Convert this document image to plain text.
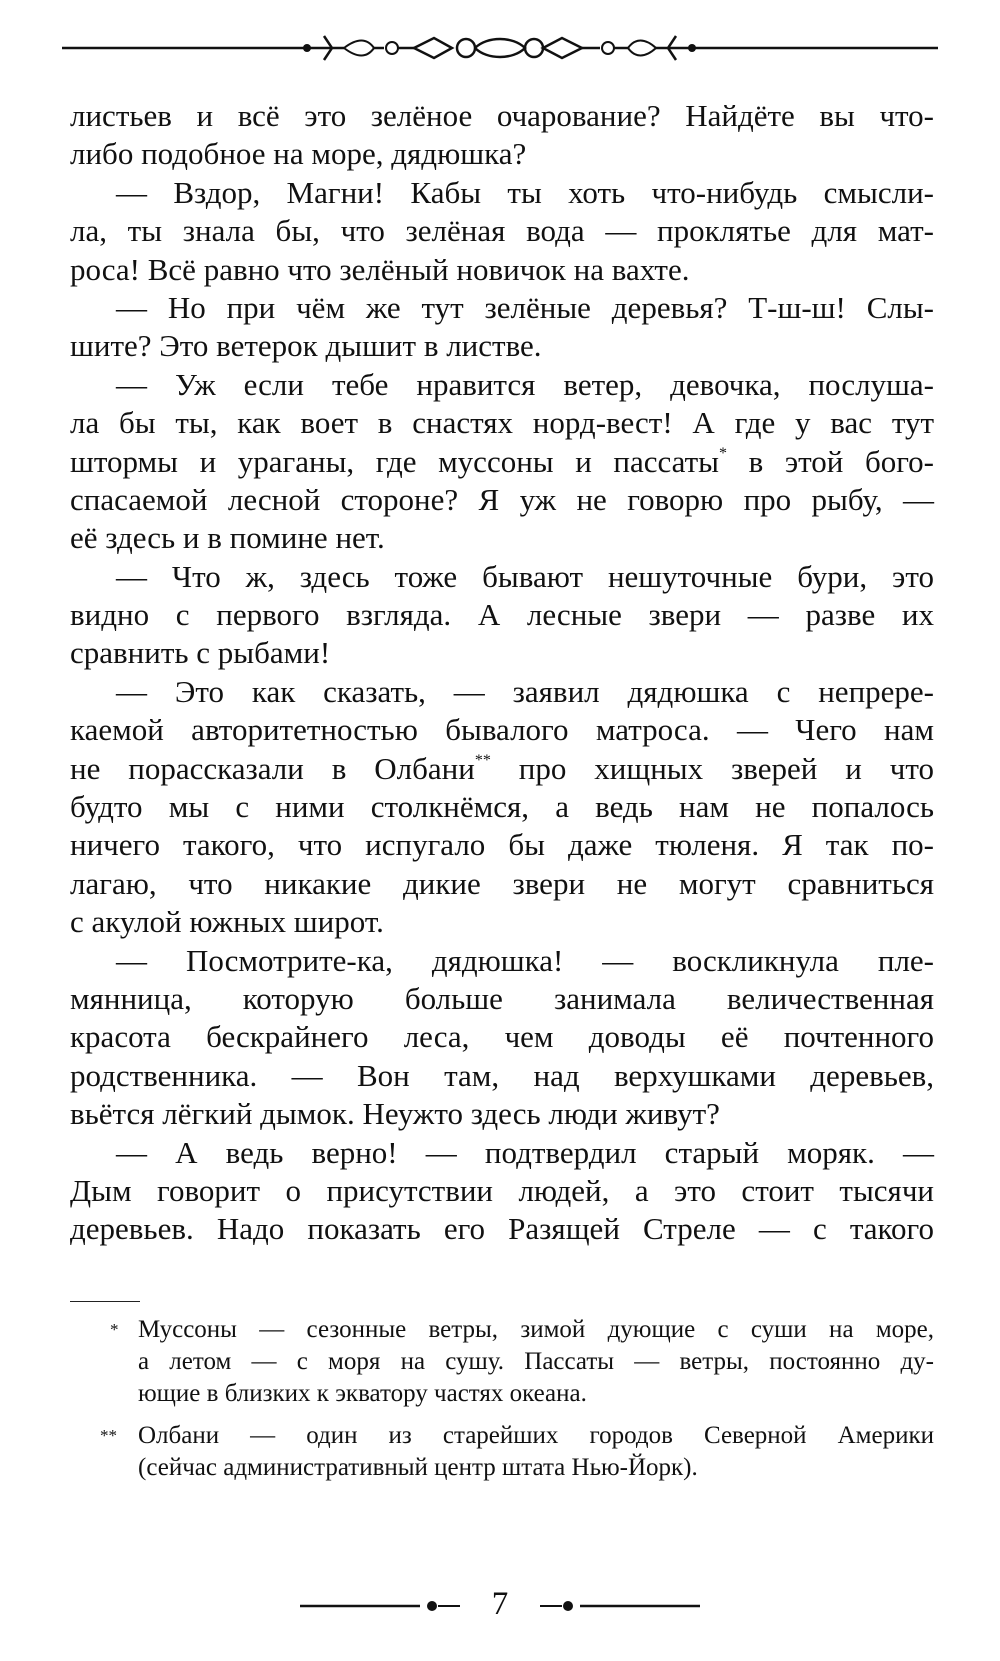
листьев и всё это зелёное очарование? Найдёте вы что-
либо подобное на море, дядюшка?
— Вздор, Магни! Кабы ты хоть что-нибудь смысли-
ла, ты знала бы, что зелёная вода — проклятье для мат-
роса! Всё равно что зелёный новичок на вахте.
— Но при чём же тут зелёные деревья? Т-ш-ш! Слы-
шите? Это ветерок дышит в листве.
— Уж если тебе нравится ветер, девочка, послуша-
ла бы ты, как воет в снастях норд-вест! А где у вас тут
штормы и ураганы, где муссоны и пассаты* в этой бого-
спасаемой лесной стороне? Я уж не говорю про рыбу, —
её здесь и в помине нет.
— Что ж, здесь тоже бывают нешуточные бури, это
видно с первого взгляда. А лесные звери — разве их
сравнить с рыбами!
— Это как сказать, — заявил дядюшка с непрере-
каемой авторитетностью бывалого матроса. — Чего нам
не порассказали в Олбани** про хищных зверей и что
будто мы с ними столкнёмся, а ведь нам не попалось
ничего такого, что испугало бы даже тюленя. Я так по-
лагаю, что никакие дикие звери не могут сравниться
с акулой южных широт.
— Посмотрите-ка, дядюшка! — воскликнула пле-
мянница, которую больше занимала величественная
красота бескрайнего леса, чем доводы её почтенного
родственника. — Вон там, над верхушками деревьев,
вьётся лёгкий дымок. Неужто здесь люди живут?
— А ведь верно! — подтвердил старый моряк. —
Дым говорит о присутствии людей, а это стоит тысячи
деревьев. Надо показать его Разящей Стреле — с такого
* Муссоны — сезонные ветры, зимой дующие с суши на море,
а летом — с моря на сушу. Пассаты — ветры, постоянно ду-
ющие в близких к экватору частях океана.
** Олбани — один из старейших городов Северной Америки
(сейчас административный центр штата Нью-Йорк).
7
